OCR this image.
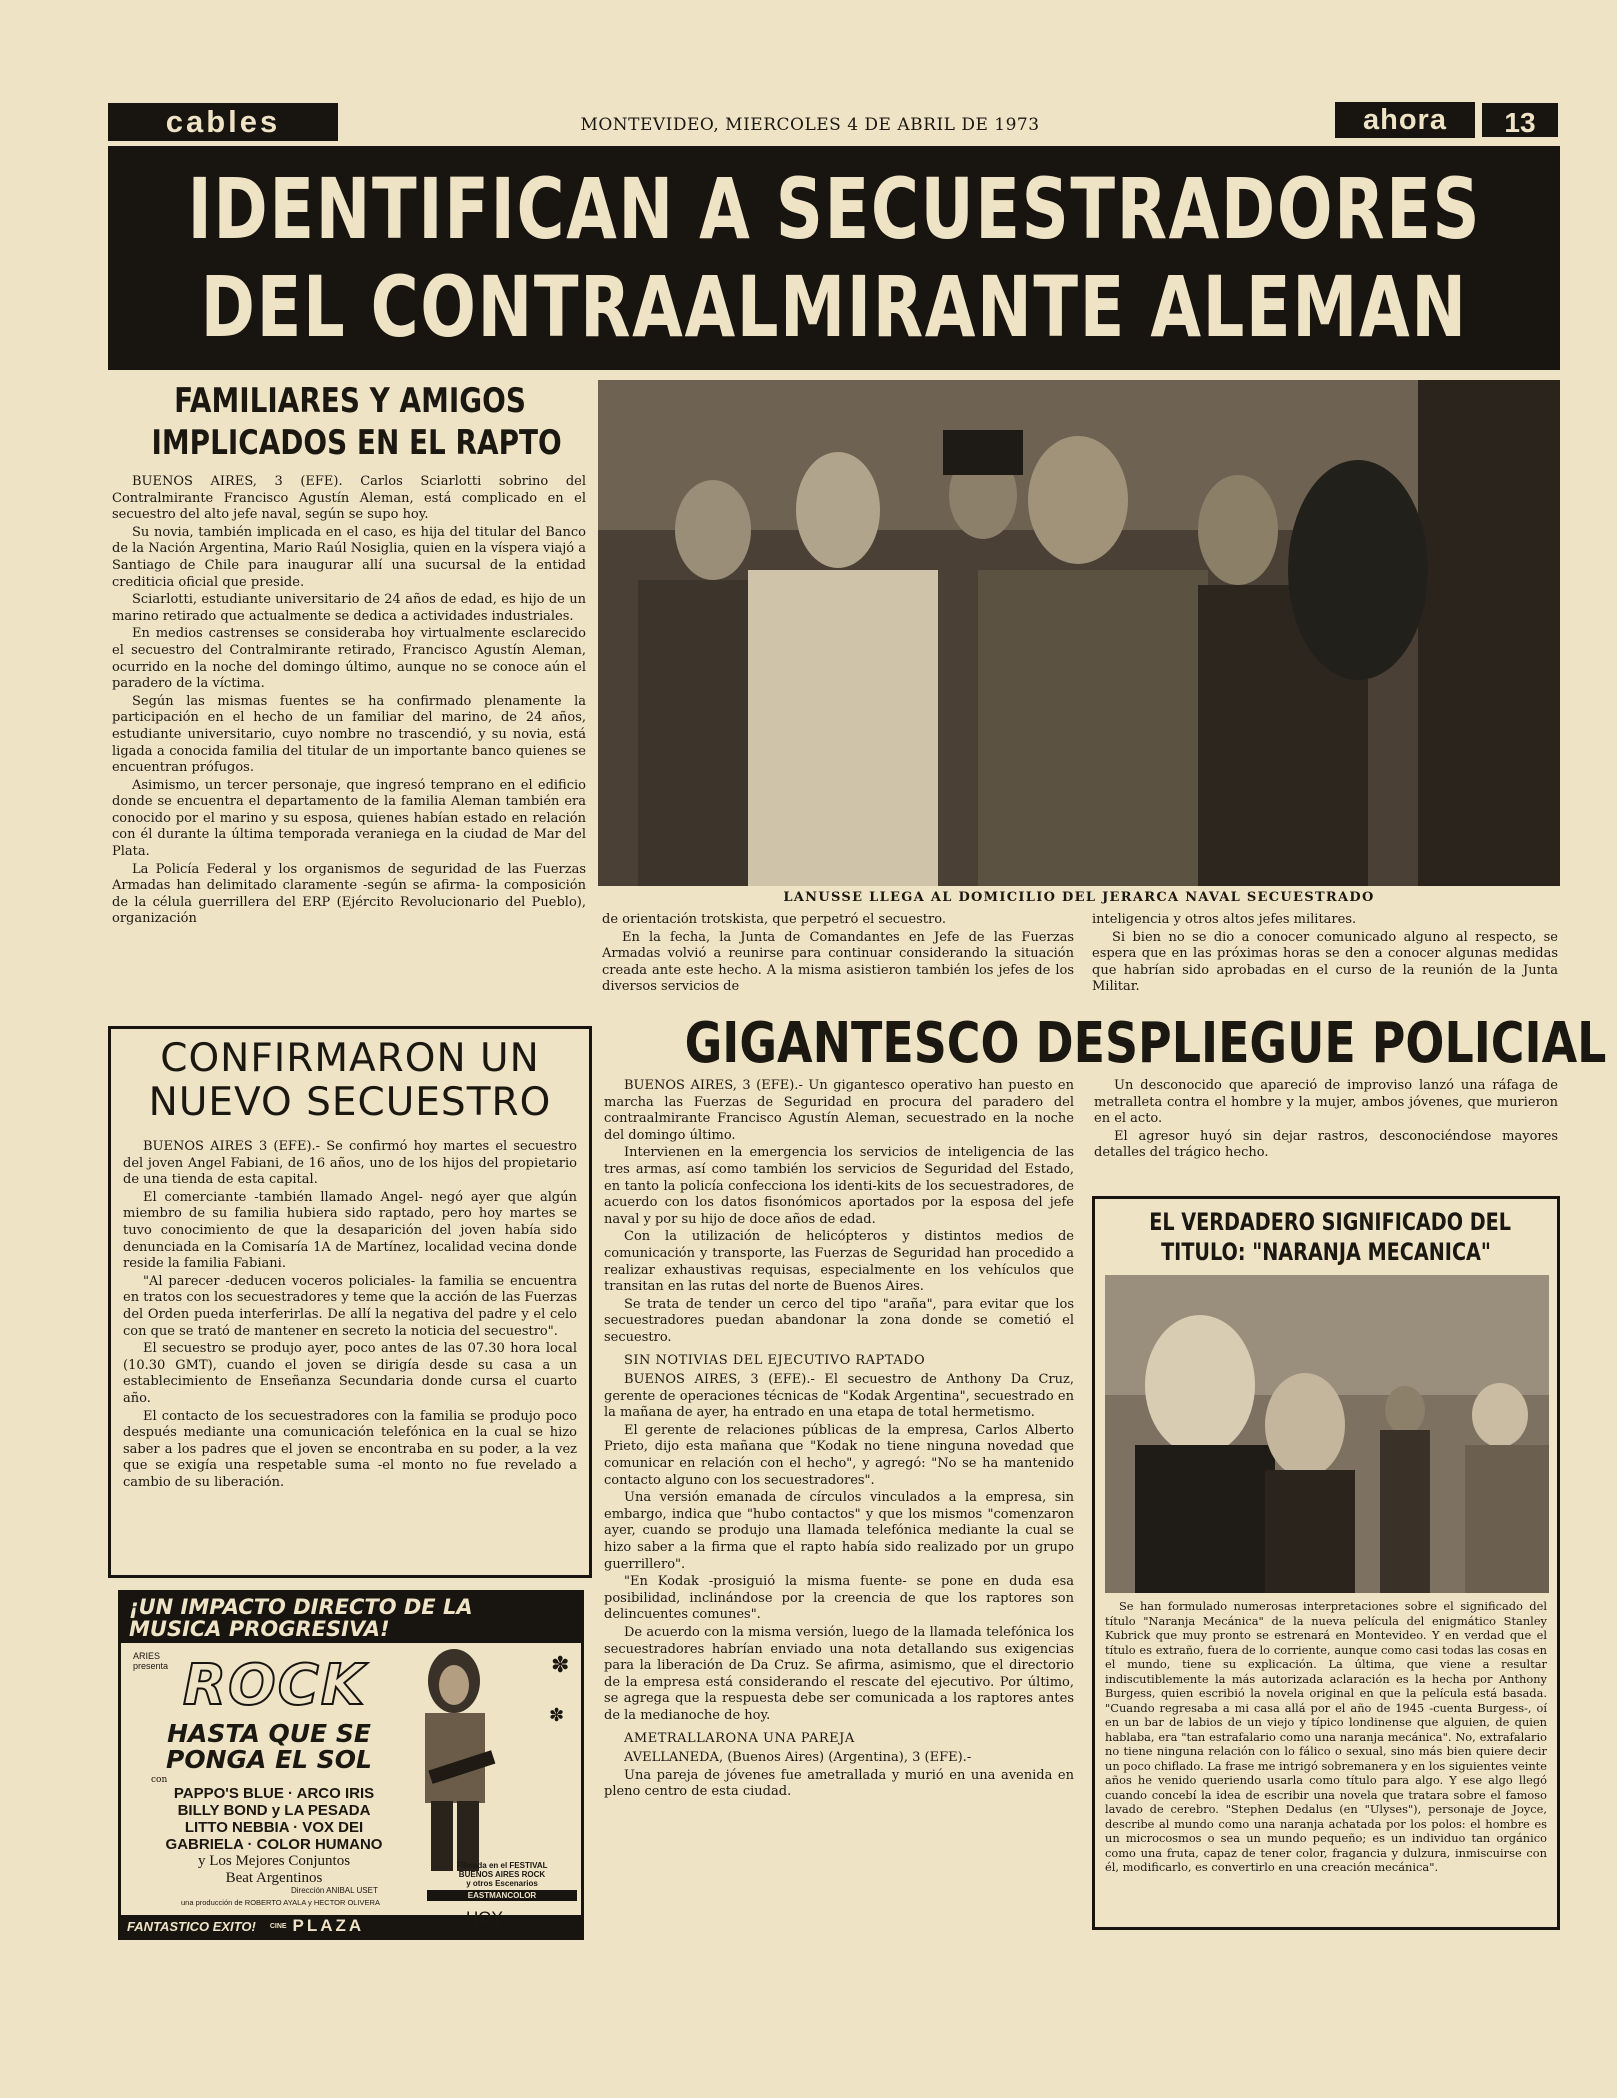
cables	MONTEVIDEO, MIERCOLES 4 DE ABRIL DE 1973	ahora	13
IDENTIFICAN A SECUESTRADORES
DEL CONTRAALMIRANTE ALEMAN
FAMILIARES Y AMIGOS
IMPLICADOS EN EL RAPTO

BUENOS AIRES, 3 (EFE). Carlos Sciarlotti sobrino del Contralmirante Francisco Agustín Aleman, está complicado en el secuestro del alto jefe naval, según se supo hoy.

Su novia, también implicada en el caso, es hija del titular del Banco de la Nación Argentina, Mario Raúl Nosiglia, quien en la víspera viajó a Santiago de Chile para inaugurar allí una sucursal de la entidad crediticia oficial que preside.

Sciarlotti, estudiante universitario de 24 años de edad, es hijo de un marino retirado que actualmente se dedica a actividades industriales.

En medios castrenses se consideraba hoy virtualmente esclarecido el secuestro del Contralmirante retirado, Francisco Agustín Aleman, ocurrido en la noche del domingo último, aunque no se conoce aún el paradero de la víctima.

Según las mismas fuentes se ha confirmado plenamente la participación en el hecho de un familiar del marino, de 24 años, estudiante universitario, cuyo nombre no trascendió, y su novia, está ligada a conocida familia del titular de un importante banco quienes se encuentran prófugos.

Asimismo, un tercer personaje, que ingresó temprano en el edificio donde se encuentra el departamento de la familia Aleman también era conocido por el marino y su esposa, quienes habían estado en relación con él durante la última temporada veraniega en la ciudad de Mar del Plata.

La Policía Federal y los organismos de seguridad de las Fuerzas Armadas han delimitado claramente -según se afirma- la composición de la célula guerrillera del ERP (Ejército Revolucionario del Pueblo), organización

LANUSSE LLEGA AL DOMICILIO DEL JERARCA NAVAL SECUESTRADO

de orientación trotskista, que perpetró el secuestro.

En la fecha, la Junta de Comandantes en Jefe de las Fuerzas Armadas volvió a reunirse para continuar considerando la situación creada ante este hecho. A la misma asistieron también los jefes de los diversos servicios de

inteligencia y otros altos jefes militares.

Si bien no se dio a conocer comunicado alguno al respecto, se espera que en las próximas horas se den a conocer algunas medidas que habrían sido aprobadas en el curso de la reunión de la Junta Militar.

CONFIRMARON UN
NUEVO SECUESTRO

BUENOS AIRES 3 (EFE).- Se confirmó hoy martes el secuestro del joven Angel Fabiani, de 16 años, uno de los hijos del propietario de una tienda de esta capital.

El comerciante -también llamado Angel- negó ayer que algún miembro de su familia hubiera sido raptado, pero hoy martes se tuvo conocimiento de que la desaparición del joven había sido denunciada en la Comisaría 1A de Martínez, localidad vecina donde reside la familia Fabiani.

"Al parecer -deducen voceros policiales- la familia se encuentra en tratos con los secuestradores y teme que la acción de las Fuerzas del Orden pueda interferirlas. De allí la negativa del padre y el celo con que se trató de mantener en secreto la noticia del secuestro".

El secuestro se produjo ayer, poco antes de las 07.30 hora local (10.30 GMT), cuando el joven se dirigía desde su casa a un establecimiento de Enseñanza Secundaria donde cursa el cuarto año.

El contacto de los secuestradores con la familia se produjo poco después mediante una comunicación telefónica en la cual se hizo saber a los padres que el joven se encontraba en su poder, a la vez que se exigía una respetable suma -el monto no fue revelado a cambio de su liberación.

GIGANTESCO DESPLIEGUE POLICIAL

BUENOS AIRES, 3 (EFE).- Un gigantesco operativo han puesto en marcha las Fuerzas de Seguridad en procura del paradero del contraalmirante Francisco Agustín Aleman, secuestrado en la noche del domingo último.

Intervienen en la emergencia los servicios de inteligencia de las tres armas, así como también los servicios de Seguridad del Estado, en tanto la policía confecciona los identi-kits de los secuestradores, de acuerdo con los datos fisonómicos aportados por la esposa del jefe naval y por su hijo de doce años de edad.

Con la utilización de helicópteros y distintos medios de comunicación y transporte, las Fuerzas de Seguridad han procedido a realizar exhaustivas requisas, especialmente en los vehículos que transitan en las rutas del norte de Buenos Aires.

Se trata de tender un cerco del tipo "araña", para evitar que los secuestradores puedan abandonar la zona donde se cometió el secuestro.

SIN NOTIVIAS DEL EJECUTIVO RAPTADO

BUENOS AIRES, 3 (EFE).- El secuestro de Anthony Da Cruz, gerente de operaciones técnicas de "Kodak Argentina", secuestrado en la mañana de ayer, ha entrado en una etapa de total hermetismo.

El gerente de relaciones públicas de la empresa, Carlos Alberto Prieto, dijo esta mañana que "Kodak no tiene ninguna novedad que comunicar en relación con el hecho", y agregó: "No se ha mantenido contacto alguno con los secuestradores".

Una versión emanada de círculos vinculados a la empresa, sin embargo, indica que "hubo contactos" y que los mismos "comenzaron ayer, cuando se produjo una llamada telefónica mediante la cual se hizo saber a la firma que el rapto había sido realizado por un grupo guerrillero".

"En Kodak -prosiguió la misma fuente- se pone en duda esa posibilidad, inclinándose por la creencia de que los raptores son delincuentes comunes".

De acuerdo con la misma versión, luego de la llamada telefónica los secuestradores habrían enviado una nota detallando sus exigencias para la liberación de Da Cruz. Se afirma, asimismo, que el directorio de la empresa está considerando el rescate del ejecutivo. Por último, se agrega que la respuesta debe ser comunicada a los raptores antes de la medianoche de hoy.

AMETRALLARONA UNA PAREJA

AVELLANEDA, (Buenos Aires) (Argentina), 3 (EFE).-

Una pareja de jóvenes fue ametrallada y murió en una avenida en pleno centro de esta ciudad.

Un desconocido que apareció de improviso lanzó una ráfaga de metralleta contra el hombre y la mujer, ambos jóvenes, que murieron en el acto.

El agresor huyó sin dejar rastros, desconociéndose mayores detalles del trágico hecho.

EL VERDADERO SIGNIFICADO DEL
TITULO: "NARANJA MECANICA"
Se han formulado numerosas interpretaciones sobre el significado del título "Naranja Mecánica" de la nueva película del enigmático Stanley Kubrick que muy pronto se estrenará en Montevideo. Y en verdad que el título es extraño, fuera de lo corriente, aunque como casi todas las cosas en el mundo, tiene su explicación. La última, que viene a resultar indiscutiblemente la más autorizada aclaración es la hecha por Anthony Burgess, quien escribió la novela original en que la película está basada. "Cuando regresaba a mi casa allá por el año de 1945 -cuenta Burgess-, oí en un bar de labios de un viejo y típico londinense que alguien, de quien hablaba, era "tan estrafalario como una naranja mecánica". No, extrafalario no tiene ninguna relación con lo fálico o sexual, sino más bien quiere decir un poco chiflado. La frase me intrigó sobremanera y en los siguientes veinte años he venido queriendo usarla como título para algo. Y ese algo llegó cuando concebí la idea de escribir una novela que tratara sobre el famoso lavado de cerebro. "Stephen Dedalus (en "Ulyses"), personaje de Joyce, describe al mundo como una naranja achatada por los polos: el hombre es un microcosmos o sea un mundo pequeño; es un individuo tan orgánico como una fruta, capaz de tener color, fragancia y dulzura, inmiscuirse con él, modificarlo, es convertirlo en una creación mecánica".
¡UN IMPACTO DIRECTO DE LA
MUSICA PROGRESIVA!
ARIES presenta ROCK	✽
✽
HASTA QUE SE
PONGA EL SOL
con
PAPPO'S BLUE · ARCO IRIS
BILLY BOND y LA PESADA
LITTO NEBBIA · VOX DEI
GABRIELA · COLOR HUMANO
y Los Mejores Conjuntos
Beat Argentinos
Dirección ANIBAL USET
una producción de ROBERTO AYALA y HECTOR OLIVERA
Filmada en el FESTIVAL
BUENOS AIRES ROCK
y otros Escenarios
EASTMANCOLOR
FANTASTICO EXITO! CINE PLAZA	HOY
